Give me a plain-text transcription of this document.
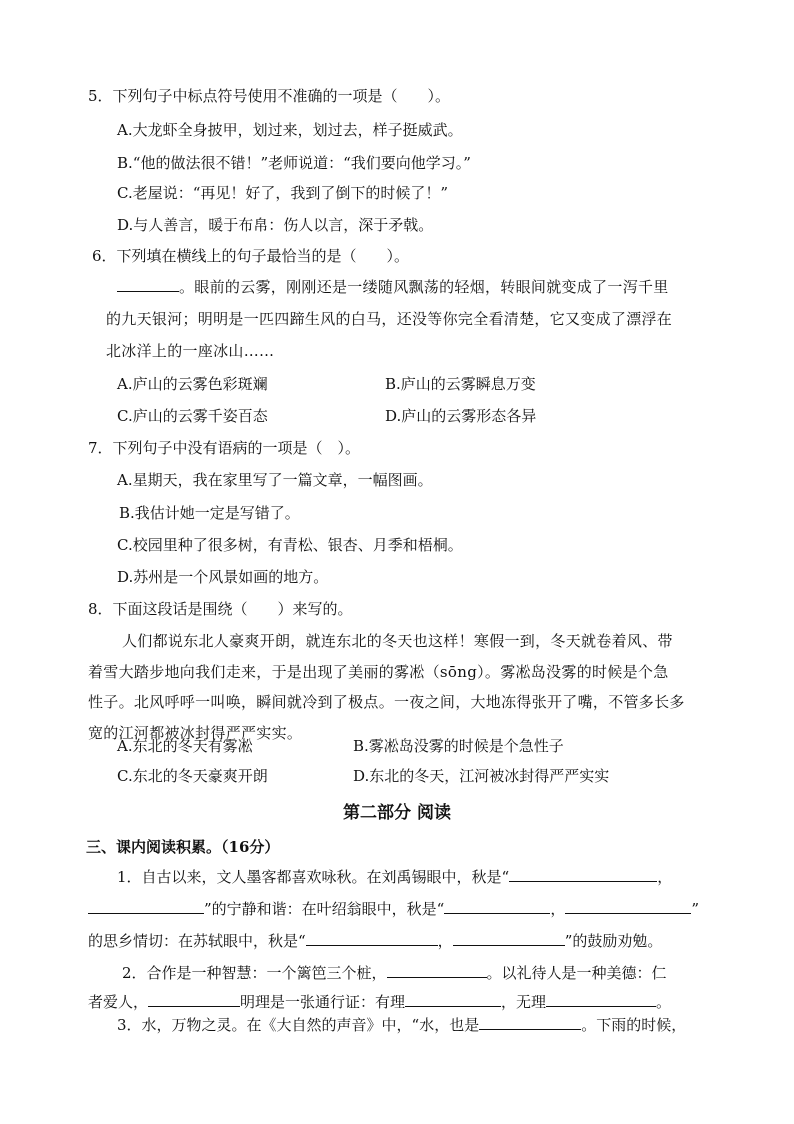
5．下列句子中标点符号使用不准确的一项是（　　）。
A.大龙虾全身披甲，划过来，划过去，样子挺威武。
B.“他的做法很不错！”老师说道：“我们要向他学习。”
C.老屋说：“再见！好了，我到了倒下的时候了！”
D.与人善言，暖于布帛：伤人以言，深于矛戟。
6．下列填在横线上的句子最恰当的是（　　）。
。眼前的云雾，刚刚还是一缕随风飘荡的轻烟，转眼间就变成了一泻千里
的九天银河；明明是一匹四蹄生风的白马，还没等你完全看清楚，它又变成了漂浮在
北冰洋上的一座冰山……
A.庐山的云雾色彩斑斓	B.庐山的云雾瞬息万变
C.庐山的云雾千姿百态	D.庐山的云雾形态各异
7．下列句子中没有语病的一项是（　）。
A.星期天，我在家里写了一篇文章，一幅图画。
B.我估计她一定是写错了。
C.校园里种了很多树，有青松、银杏、月季和梧桐。
D.苏州是一个风景如画的地方。
8．下面这段话是围绕（　　）来写的。
人们都说东北人豪爽开朗，就连东北的冬天也这样！寒假一到，冬天就卷着风、带
着雪大踏步地向我们走来，于是出现了美丽的雾凇（sōng）。雾凇岛没雾的时候是个急
性子。北风呼呼一叫唤，瞬间就冷到了极点。一夜之间，大地冻得张开了嘴，不管多长多
宽的江河都被冰封得严严实实。
A.东北的冬天有雾凇	B.雾凇岛没雾的时候是个急性子
C.东北的冬天豪爽开朗	D.东北的冬天，江河被冰封得严严实实
第二部分 阅读
三、课内阅读积累。（16分）
1．自古以来，文人墨客都喜欢咏秋。在刘禹锡眼中，秋是“	，
”的宁静和谐：在叶绍翁眼中，秋是“	，	”
的思乡情切：在苏轼眼中，秋是“	，	”的鼓励劝勉。
2．合作是一种智慧：一个篱笆三个桩，	。以礼待人是一种美德：仁
者爱人，	明理是一张通行证：有理	，无理	。
3．水，万物之灵。在《大自然的声音》中，“水，也是	。下雨的时候，
